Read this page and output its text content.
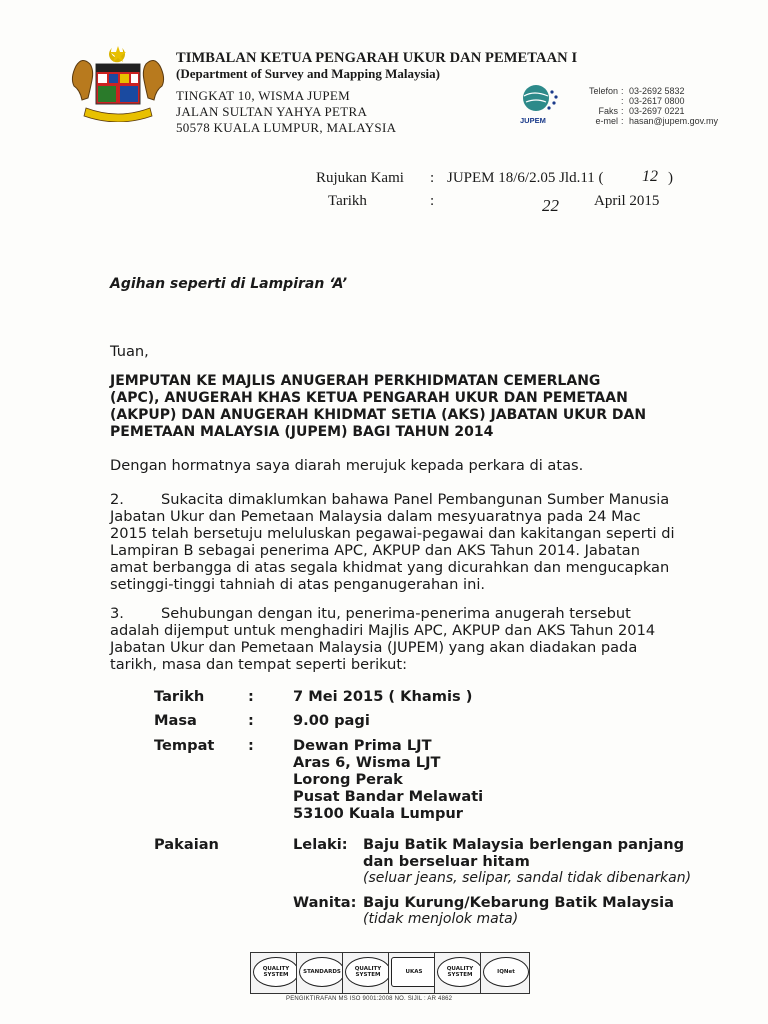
TIMBALAN KETUA PENGARAH UKUR DAN PEMETAAN I
(Department of Survey and Mapping Malaysia)
TINGKAT 10, WISMA JUPEM
JALAN SULTAN YAHYA PETRA
50578 KUALA LUMPUR, MALAYSIA	JUPEM
Telefon : 03-2692 5832
: 03-2617 0800
Faks : 03-2697 0221
e-mel : hasan@jupem.gov.my
Rujukan Kami : JUPEM 18/6/2.05 Jld.11 ( 12 )
Tarikh	:	22 April 2015
Agihan seperti di Lampiran ‘A’
Tuan,
JEMPUTAN KE MAJLIS ANUGERAH PERKHIDMATAN CEMERLANG
(APC), ANUGERAH KHAS KETUA PENGARAH UKUR DAN PEMETAAN
(AKPUP) DAN ANUGERAH KHIDMAT SETIA (AKS) JABATAN UKUR DAN
PEMETAAN MALAYSIA (JUPEM) BAGI TAHUN 2014
Dengan hormatnya saya diarah merujuk kepada perkara di atas.
2.        Sukacita dimaklumkan bahawa Panel Pembangunan Sumber Manusia
Jabatan Ukur dan Pemetaan Malaysia dalam mesyuaratnya pada 24 Mac
2015 telah bersetuju meluluskan pegawai-pegawai dan kakitangan seperti di
Lampiran B sebagai penerima APC, AKPUP dan AKS Tahun 2014. Jabatan
amat berbangga di atas segala khidmat yang dicurahkan dan mengucapkan
setinggi-tinggi tahniah di atas penganugerahan ini.
3.        Sehubungan dengan itu, penerima-penerima anugerah tersebut
adalah dijemput untuk menghadiri Majlis APC, AKPUP dan AKS Tahun 2014
Jabatan Ukur dan Pemetaan Malaysia (JUPEM) yang akan diadakan pada
tarikh, masa dan tempat seperti berikut:
Tarikh	:	7 Mei 2015 ( Khamis )
Masa	:	9.00 pagi
Tempat :	Dewan Prima LJT
Aras 6, Wisma LJT
Lorong Perak
Pusat Bandar Melawati
53100 Kuala Lumpur
Pakaian	Lelaki: Baju Batik Malaysia berlengan panjang
dan berseluar hitam
(seluar jeans, selipar, sandal tidak dibenarkan)
Wanita: Baju Kurung/Kebarung Batik Malaysia
(tidak menjolok mata)
QUALITY SYSTEM	STANDARDS	QUALITY SYSTEM	UKAS	QUALITY SYSTEM	IQNet
PENGIKTIRAFAN MS ISO 9001:2008 NO. SIJIL : AR 4862
